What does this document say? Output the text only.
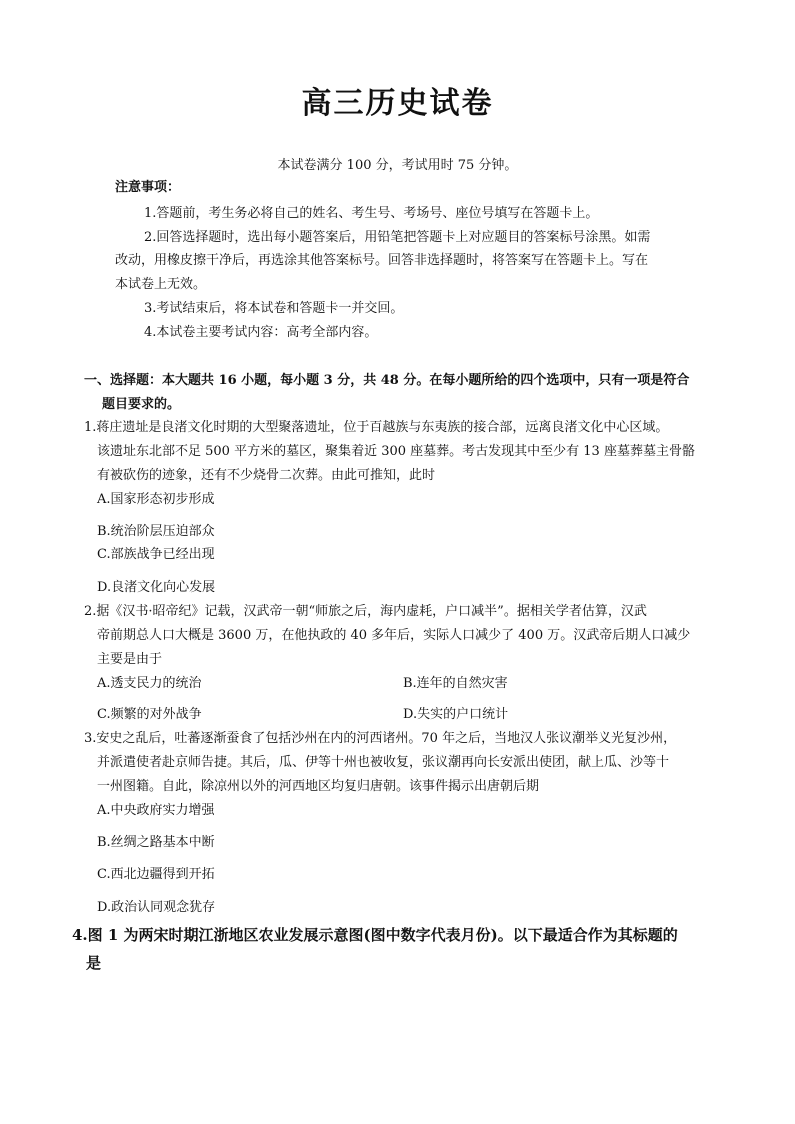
高三历史试卷
本试卷满分 100 分，考试用时 75 分钟。
注意事项：
1.答题前，考生务必将自己的姓名、考生号、考场号、座位号填写在答题卡上。
2.回答选择题时，选出每小题答案后，用铅笔把答题卡上对应题目的答案标号涂黑。如需
改动，用橡皮擦干净后，再选涂其他答案标号。回答非选择题时，将答案写在答题卡上。写在
本试卷上无效。
3.考试结束后，将本试卷和答题卡一并交回。
4.本试卷主要考试内容：高考全部内容。
一、选择题：本大题共 16 小题，每小题 3 分，共 48 分。在每小题所给的四个选项中，只有一项是符合
题目要求的。
1.蒋庄遗址是良渚文化时期的大型聚落遗址，位于百越族与东夷族的接合部，远离良渚文化中心区域。
该遗址东北部不足 500 平方米的墓区，聚集着近 300 座墓葬。考古发现其中至少有 13 座墓葬墓主骨骼
有被砍伤的迹象，还有不少烧骨二次葬。由此可推知，此时
A.国家形态初步形成
B.统治阶层压迫部众
C.部族战争已经出现
D.良渚文化向心发展
2.据《汉书·昭帝纪》记载，汉武帝一朝“师旅之后，海内虚耗，户口减半”。据相关学者估算，汉武
帝前期总人口大概是 3600 万，在他执政的 40 多年后，实际人口减少了 400 万。汉武帝后期人口减少
主要是由于
A.透支民力的统治	B.连年的自然灾害
C.频繁的对外战争	D.失实的户口统计
3.安史之乱后，吐蕃逐渐蚕食了包括沙州在内的河西诸州。70 年之后，当地汉人张议潮举义光复沙州，
并派遣使者赴京师告捷。其后，瓜、伊等十州也被收复，张议潮再向长安派出使团，献上瓜、沙等十
一州图籍。自此，除凉州以外的河西地区均复归唐朝。该事件揭示出唐朝后期
A.中央政府实力增强
B.丝绸之路基本中断
C.西北边疆得到开拓
D.政治认同观念犹存
4.图 1 为两宋时期江浙地区农业发展示意图(图中数字代表月份)。以下最适合作为其标题的
是
